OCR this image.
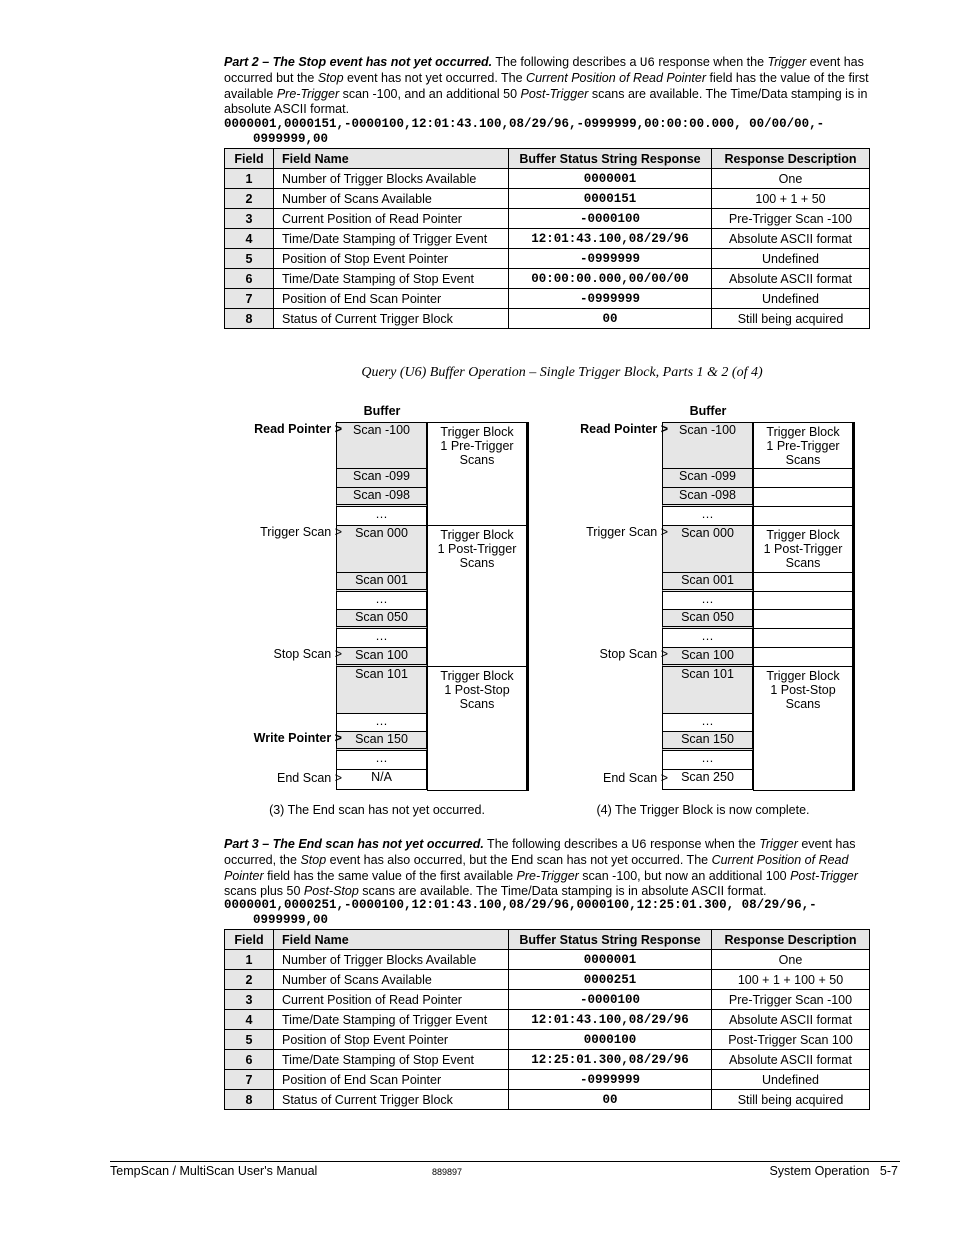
Part 2 – The Stop event has not yet occurred. The following describes a U6 response when the Trigger event has occurred but the Stop event has not yet occurred. The Current Position of Read Pointer field has the value of the first available Pre-Trigger scan -100, and an additional 50 Post-Trigger scans are available. The Time/Data stamping is in absolute ASCII format.
0000001,0000151,-0000100,12:01:43.100,08/29/96,-0999999,00:00:00.000, 00/00/00,-
0999999,00
Field	Field Name	Buffer Status String Response	Response Description
1	Number of Trigger Blocks Available	0000001	One
2	Number of Scans Available	0000151	100 + 1 + 50
3	Current Position of Read Pointer	-0000100	Pre-Trigger Scan -100
4	Time/Date Stamping of Trigger Event	12:01:43.100,08/29/96	Absolute ASCII format
5	Position of Stop Event Pointer	-0999999	Undefined
6	Time/Date Stamping of Stop Event	00:00:00.000,00/00/00	Absolute ASCII format
7	Position of End Scan Pointer	-0999999	Undefined
8	Status of Current Trigger Block	00	Still being acquired
Query (U6) Buffer Operation – Single Trigger Block, Parts 1 & 2 (of 4)
Buffer
Scan -100
Scan -099
Scan -098
…
Scan 000
Scan 001
…
Scan 050
…
Scan 100
Scan 101
…
Scan 150
…
N/A
Trigger Block 1 Pre-Trigger Scans
Trigger Block 1 Post-Trigger Scans
Trigger Block 1 Post-Stop Scans
Read Pointer >
Trigger Scan >
Stop Scan >
Write Pointer >
End Scan >
(3) The End scan has not yet occurred.
Buffer
Scan -100
Scan -099
Scan -098
…
Scan 000
Scan 001
…
Scan 050
…
Scan 100
Scan 101
…
Scan 150
…
Scan 250
Trigger Block 1 Pre-Trigger Scans
Trigger Block 1 Post-Trigger Scans
Trigger Block 1 Post-Stop Scans
Read Pointer >
Trigger Scan >
Stop Scan >
End Scan >
(4) The Trigger Block is now complete.
Part 3 – The End scan has not yet occurred. The following describes a U6 response when the Trigger event has occurred, the Stop event has also occurred, but the End scan has not yet occurred. The Current Position of Read Pointer field has the same value of the first available Pre-Trigger scan -100, but now an additional 100 Post-Trigger scans plus 50 Post-Stop scans are available. The Time/Data stamping is in absolute ASCII format.
0000001,0000251,-0000100,12:01:43.100,08/29/96,0000100,12:25:01.300, 08/29/96,-
0999999,00
Field	Field Name	Buffer Status String Response	Response Description
1	Number of Trigger Blocks Available	0000001	One
2	Number of Scans Available	0000251	100 + 1 + 100 + 50
3	Current Position of Read Pointer	-0000100	Pre-Trigger Scan -100
4	Time/Date Stamping of Trigger Event	12:01:43.100,08/29/96	Absolute ASCII format
5	Position of Stop Event Pointer	0000100	Post-Trigger Scan 100
6	Time/Date Stamping of Stop Event	12:25:01.300,08/29/96	Absolute ASCII format
7	Position of End Scan Pointer	-0999999	Undefined
8	Status of Current Trigger Block	00	Still being acquired
TempScan / MultiScan User's Manual	889897	System Operation   5-7
